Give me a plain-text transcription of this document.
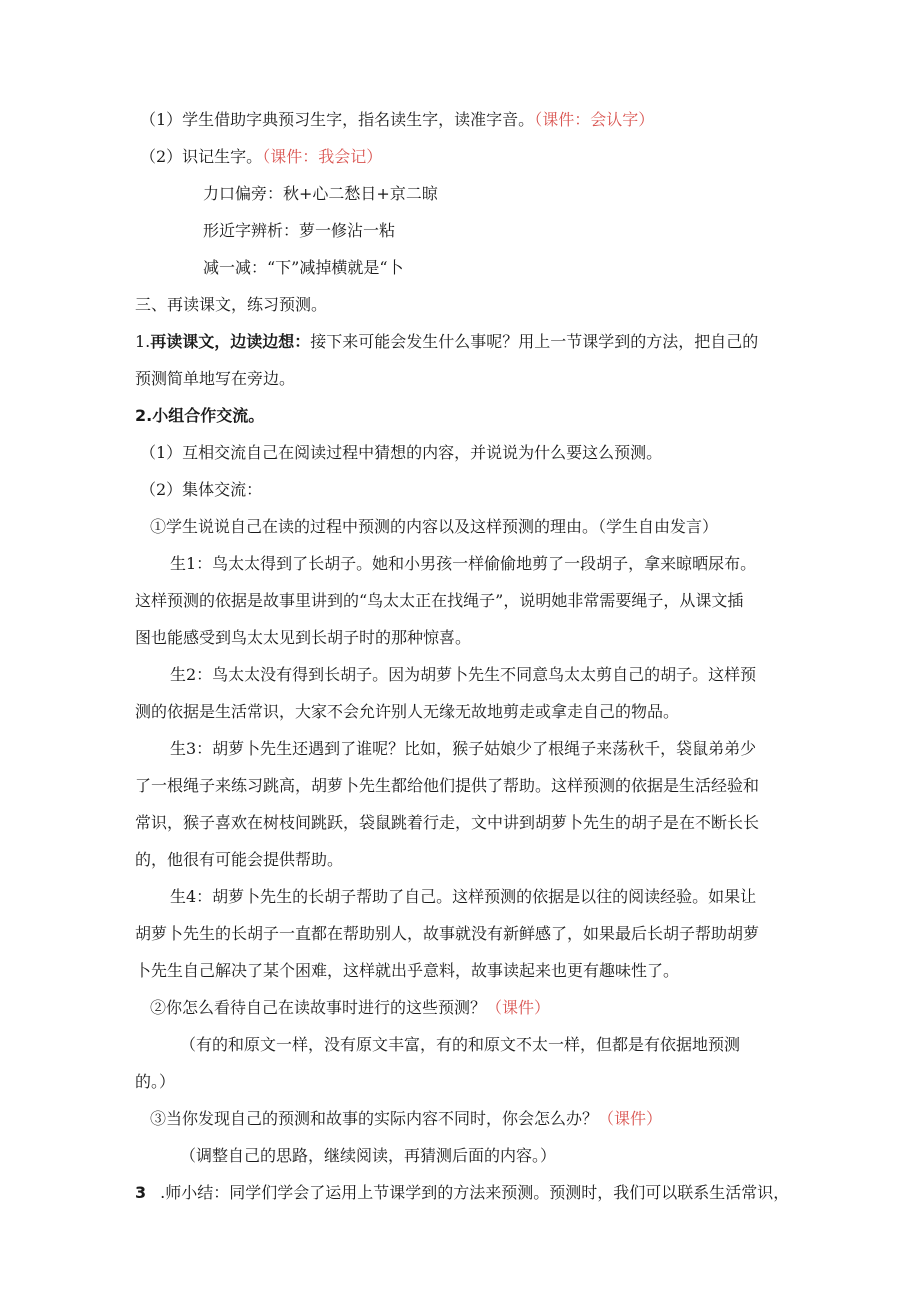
（1）学生借助字典预习生字，指名读生字，读准字音。（课件：会认字）
（2）识记生字。（课件：我会记）
力口偏旁：秋+心二愁日+京二晾
形近字辨析：萝一修沾一粘
减一减：“下”减掉横就是“卜
三、再读课文，练习预测。
1.再读课文，边读边想：接下来可能会发生什么事呢？用上一节课学到的方法，把自己的
预测简单地写在旁边。
2.小组合作交流。
（1）互相交流自己在阅读过程中猜想的内容，并说说为什么要这么预测。
（2）集体交流：
①学生说说自己在读的过程中预测的内容以及这样预测的理由。（学生自由发言）
生1：鸟太太得到了长胡子。她和小男孩一样偷偷地剪了一段胡子，拿来晾晒尿布。
这样预测的依据是故事里讲到的“鸟太太正在找绳子”，说明她非常需要绳子，从课文插
图也能感受到鸟太太见到长胡子时的那种惊喜。
生2：鸟太太没有得到长胡子。因为胡萝卜先生不同意鸟太太剪自己的胡子。这样预
测的依据是生活常识，大家不会允许别人无缘无故地剪走或拿走自己的物品。
生3：胡萝卜先生还遇到了谁呢？比如，猴子姑娘少了根绳子来荡秋千，袋鼠弟弟少
了一根绳子来练习跳高，胡萝卜先生都给他们提供了帮助。这样预测的依据是生活经验和
常识，猴子喜欢在树枝间跳跃，袋鼠跳着行走，文中讲到胡萝卜先生的胡子是在不断长长
的，他很有可能会提供帮助。
生4：胡萝卜先生的长胡子帮助了自己。这样预测的依据是以往的阅读经验。如果让
胡萝卜先生的长胡子一直都在帮助别人，故事就没有新鲜感了，如果最后长胡子帮助胡萝
卜先生自己解决了某个困难，这样就出乎意料，故事读起来也更有趣味性了。
②你怎么看待自己在读故事时进行的这些预测？（课件）
（有的和原文一样，没有原文丰富，有的和原文不太一样，但都是有依据地预测
的。）
③当你发现自己的预测和故事的实际内容不同时，你会怎么办？（课件）
（调整自己的思路，继续阅读，再猜测后面的内容。）
3 .师小结：同学们学会了运用上节课学到的方法来预测。预测时，我们可以联系生活常识，
